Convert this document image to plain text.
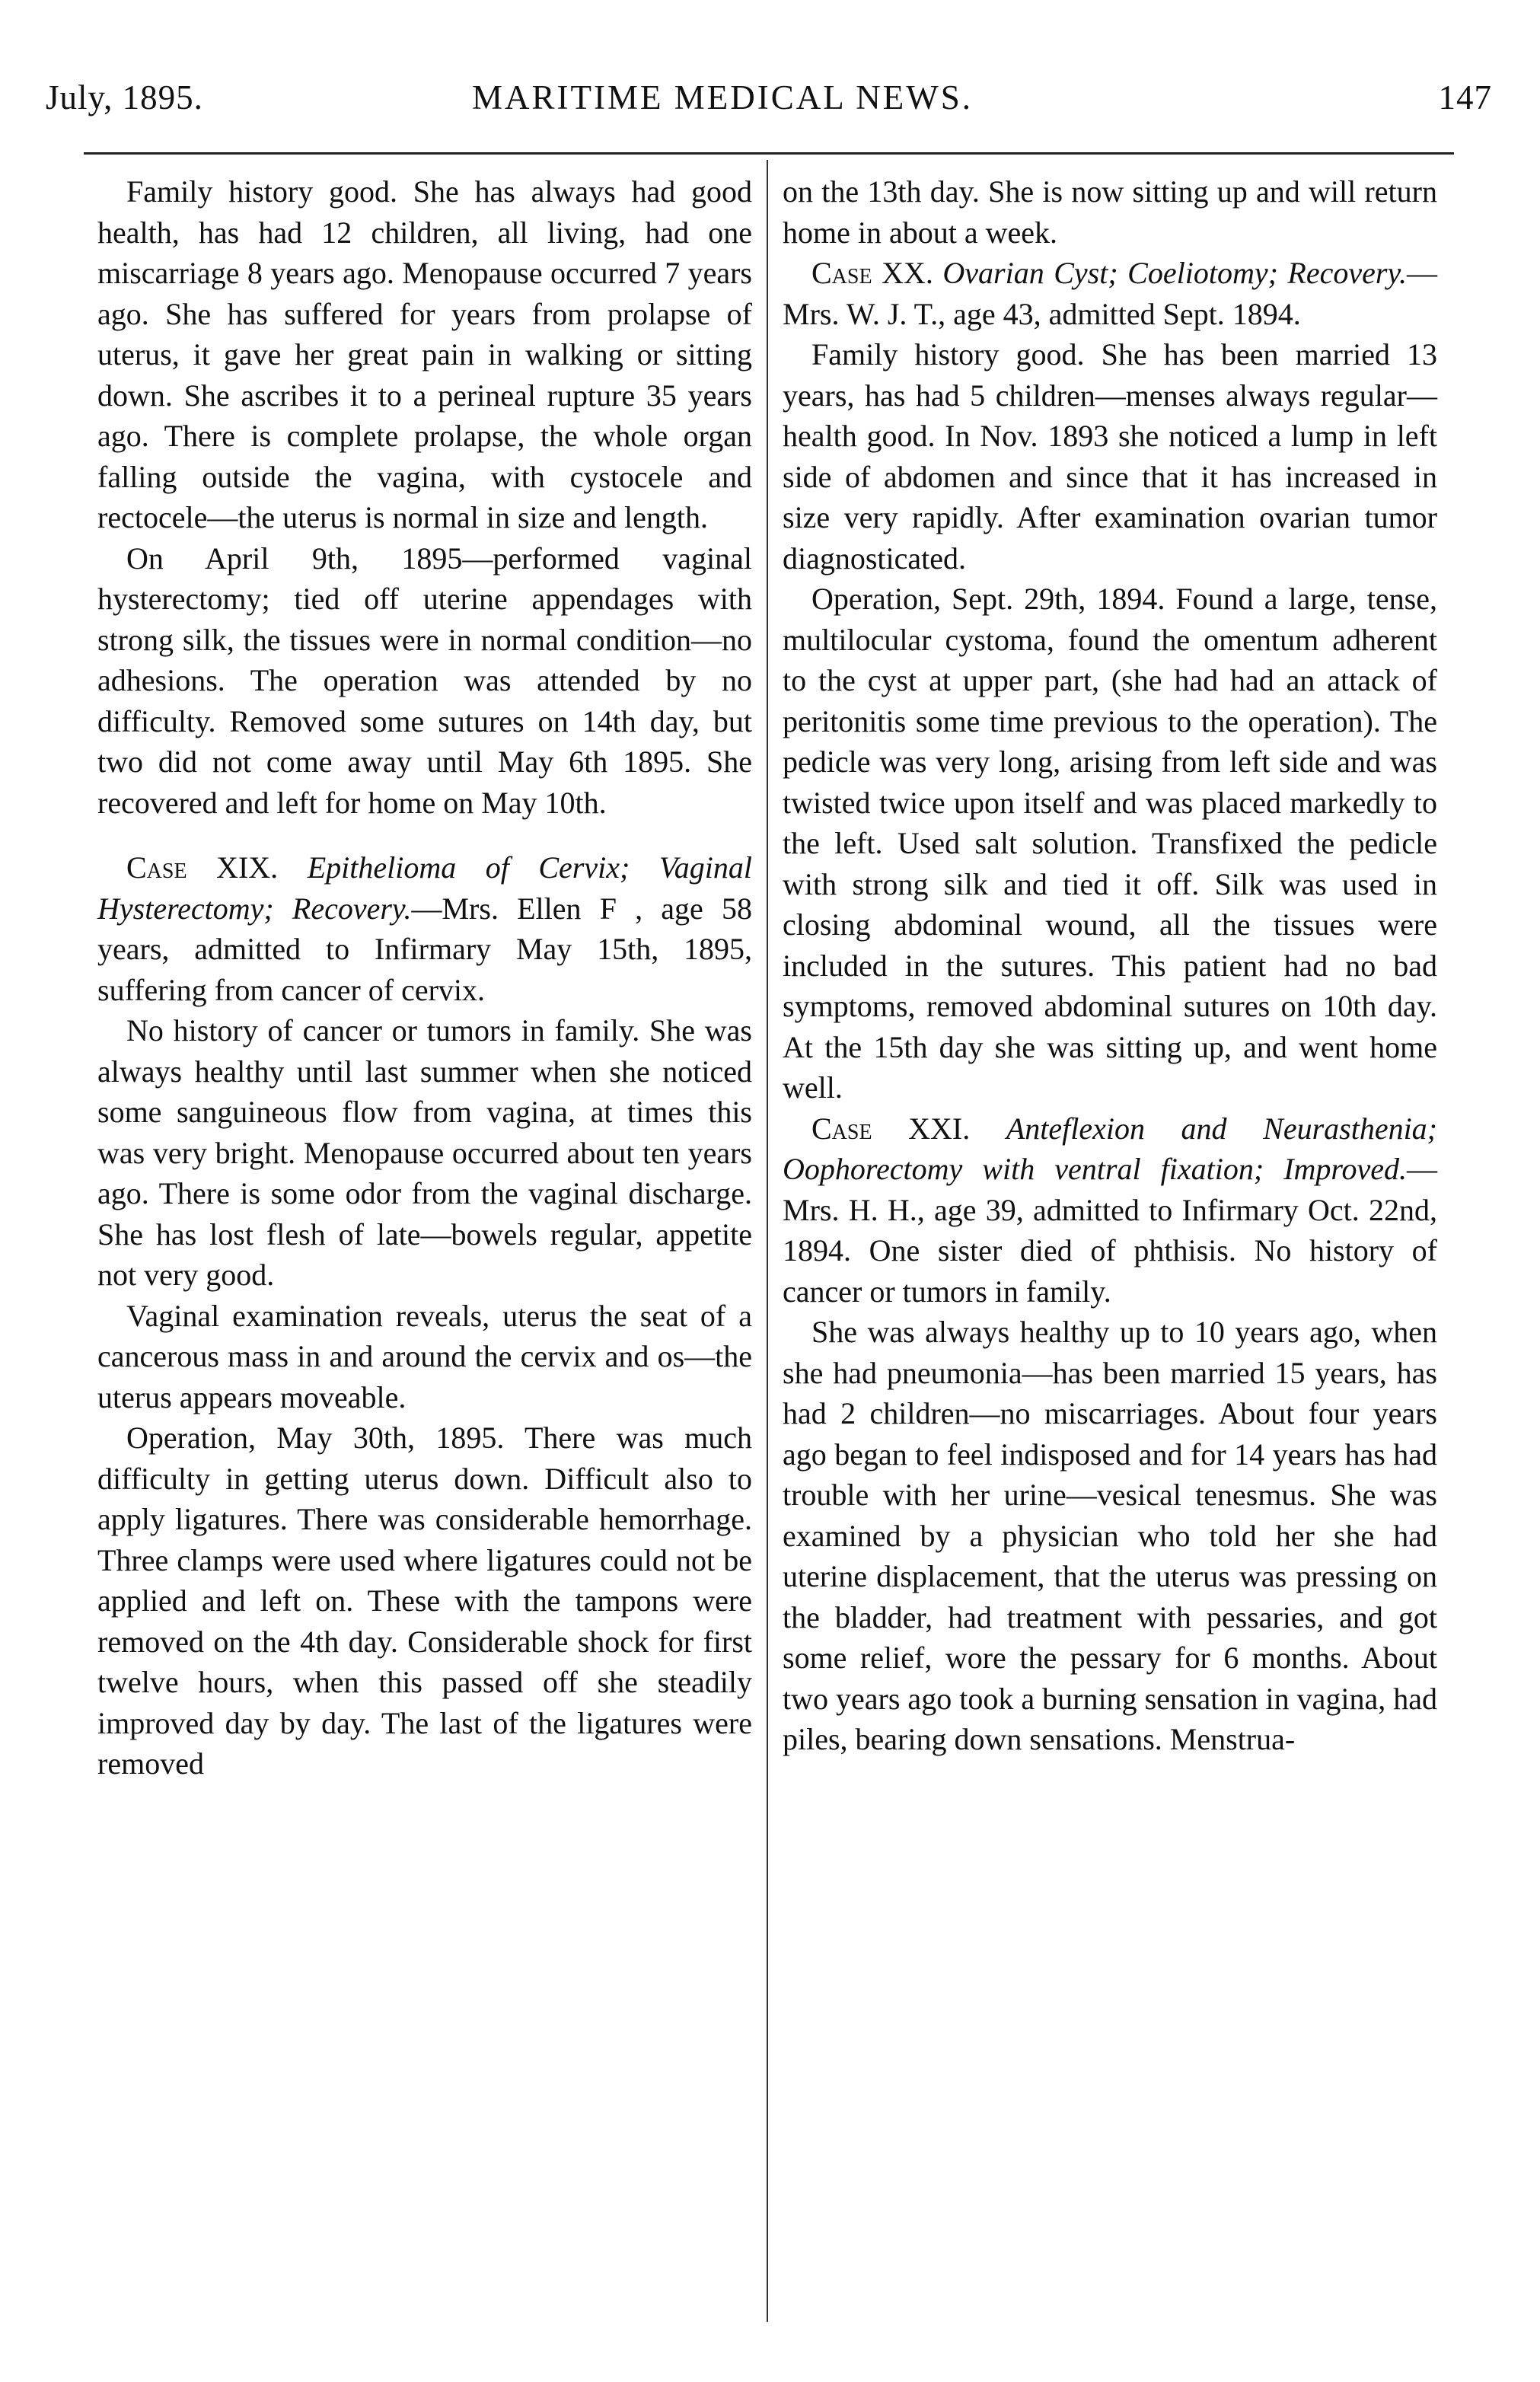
July, 1895.	MARITIME MEDICAL NEWS.	147

Family history good. She has always had good health, has had 12 children, all living, had one miscarriage 8 years ago. Menopause occurred 7 years ago. She has suffered for years from prolapse of uterus, it gave her great pain in walking or sitting down. She ascribes it to a perineal rupture 35 years ago. There is complete prolapse, the whole organ falling outside the vagina, with cystocele and rectocele—the uterus is normal in size and length.

On April 9th, 1895—performed vaginal hysterectomy; tied off uterine appendages with strong silk, the tissues were in normal condition—no adhesions. The operation was attended by no difficulty. Removed some sutures on 14th day, but two did not come away until May 6th 1895. She recovered and left for home on May 10th.

Case XIX. Epithelioma of Cervix; Vaginal Hysterectomy; Recovery.—Mrs. Ellen F , age 58 years, admitted to Infirmary May 15th, 1895, suffering from cancer of cervix.

No history of cancer or tumors in family. She was always healthy until last summer when she noticed some sanguineous flow from vagina, at times this was very bright. Menopause occurred about ten years ago. There is some odor from the vaginal discharge. She has lost flesh of late—bowels regular, appetite not very good.

Vaginal examination reveals, uterus the seat of a cancerous mass in and around the cervix and os—the uterus appears moveable.

Operation, May 30th, 1895. There was much difficulty in getting uterus down. Difficult also to apply ligatures. There was considerable hemorrhage. Three clamps were used where ligatures could not be applied and left on. These with the tampons were removed on the 4th day. Considerable shock for first twelve hours, when this passed off she steadily improved day by day. The last of the ligatures were removed

on the 13th day. She is now sitting up and will return home in about a week.

Case XX. Ovarian Cyst; Coeliotomy; Recovery.—Mrs. W. J. T., age 43, admitted Sept. 1894.

Family history good. She has been married 13 years, has had 5 children—menses always regular—health good. In Nov. 1893 she noticed a lump in left side of abdomen and since that it has increased in size very rapidly. After examination ovarian tumor diagnosticated.

Operation, Sept. 29th, 1894. Found a large, tense, multilocular cystoma, found the omentum adherent to the cyst at upper part, (she had had an attack of peritonitis some time previous to the operation). The pedicle was very long, arising from left side and was twisted twice upon itself and was placed markedly to the left. Used salt solution. Transfixed the pedicle with strong silk and tied it off. Silk was used in closing abdominal wound, all the tissues were included in the sutures. This patient had no bad symptoms, removed abdominal sutures on 10th day. At the 15th day she was sitting up, and went home well.

Case XXI. Anteflexion and Neurasthenia; Oophorectomy with ventral fixation; Improved.—Mrs. H. H., age 39, admitted to Infirmary Oct. 22nd, 1894. One sister died of phthisis. No history of cancer or tumors in family.

She was always healthy up to 10 years ago, when she had pneumonia—has been married 15 years, has had 2 children—no miscarriages. About four years ago began to feel indisposed and for 14 years has had trouble with her urine—vesical tenesmus. She was examined by a physician who told her she had uterine displacement, that the uterus was pressing on the bladder, had treatment with pessaries, and got some relief, wore the pessary for 6 months. About two years ago took a burning sensation in vagina, had piles, bearing down sensations. Menstrua-
